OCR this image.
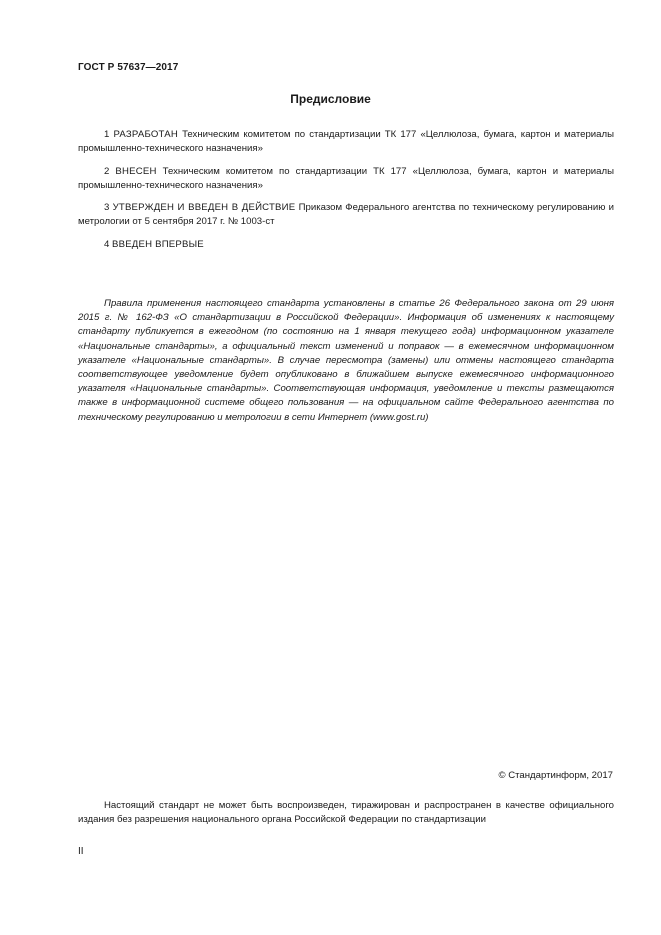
ГОСТ Р 57637—2017
Предисловие

1 РАЗРАБОТАН Техническим комитетом по стандартизации ТК 177 «Целлюлоза, бумага, картон и материалы промышленно-технического назначения»

2 ВНЕСЕН Техническим комитетом по стандартизации ТК 177 «Целлюлоза, бумага, картон и материалы промышленно-технического назначения»

3 УТВЕРЖДЕН И ВВЕДЕН В ДЕЙСТВИЕ Приказом Федерального агентства по техническому регулированию и метрологии от 5 сентября 2017 г. № 1003-ст

4 ВВЕДЕН ВПЕРВЫЕ

Правила применения настоящего стандарта установлены в статье 26 Федерального закона от 29 июня 2015 г. № 162-ФЗ «О стандартизации в Российской Федерации». Информация об изменениях к настоящему стандарту публикуется в ежегодном (по состоянию на 1 января текущего года) информационном указателе «Национальные стандарты», а официальный текст изменений и поправок — в ежемесячном информационном указателе «Национальные стандарты». В случае пересмотра (замены) или отмены настоящего стандарта соответствующее уведомление будет опубликовано в ближайшем выпуске ежемесячного информационного указателя «Национальные стандарты». Соответствующая информация, уведомление и тексты размещаются также в информационной системе общего пользования — на официальном сайте Федерального агентства по техническому регулированию и метрологии в сети Интернет (www.gost.ru)

© Стандартинформ, 2017

Настоящий стандарт не может быть воспроизведен, тиражирован и распространен в качестве официального издания без разрешения национального органа Российской Федерации по стандартизации

II
